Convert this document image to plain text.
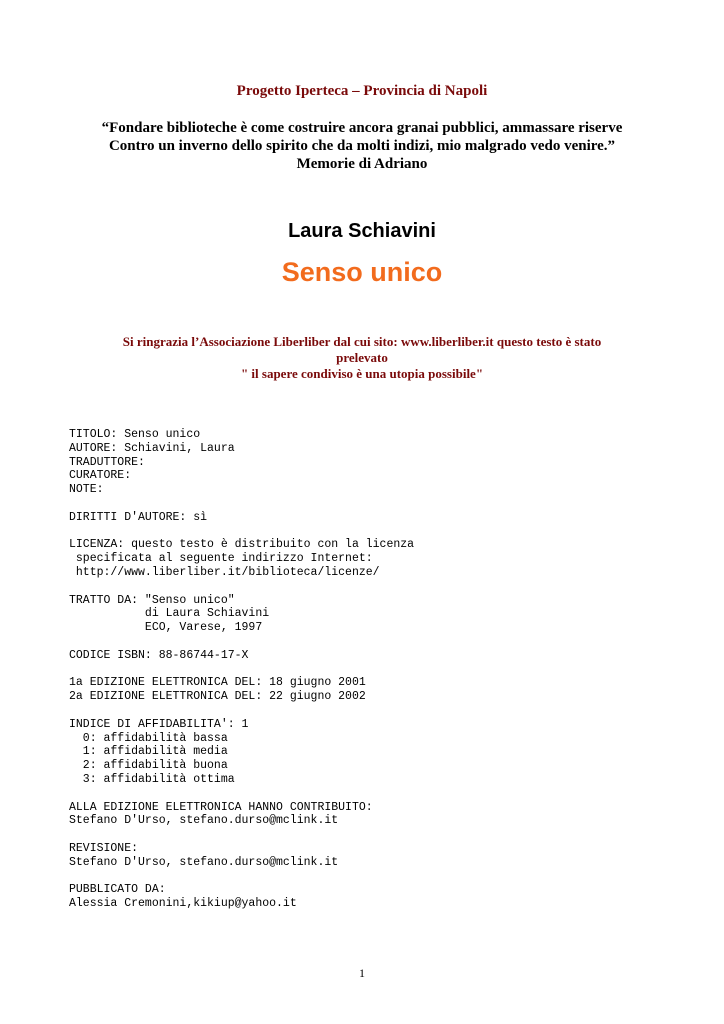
Progetto Iperteca – Provincia di Napoli
“Fondare biblioteche è come costruire ancora granai pubblici, ammassare riserve
Contro un inverno dello spirito che da molti indizi, mio malgrado vedo venire.”
Memorie di Adriano
Laura Schiavini
Senso unico
Si ringrazia l’Associazione Liberliber dal cui sito: www.liberliber.it questo testo è stato
prelevato
" il sapere condiviso è una utopia possibile"
TITOLO: Senso unico
AUTORE: Schiavini, Laura
TRADUTTORE:
CURATORE:
NOTE:
DIRITTI D'AUTORE: sì
LICENZA: questo testo è distribuito con la licenza
specificata al seguente indirizzo Internet:
http://www.liberliber.it/biblioteca/licenze/
TRATTO DA: "Senso unico"
di Laura Schiavini
ECO, Varese, 1997
CODICE ISBN: 88-86744-17-X
1a EDIZIONE ELETTRONICA DEL: 18 giugno 2001
2a EDIZIONE ELETTRONICA DEL: 22 giugno 2002
INDICE DI AFFIDABILITA': 1
0: affidabilità bassa
1: affidabilità media
2: affidabilità buona
3: affidabilità ottima
ALLA EDIZIONE ELETTRONICA HANNO CONTRIBUITO:
Stefano D'Urso, stefano.durso@mclink.it
REVISIONE:
Stefano D'Urso, stefano.durso@mclink.it
PUBBLICATO DA:
Alessia Cremonini,kikiup@yahoo.it
1
